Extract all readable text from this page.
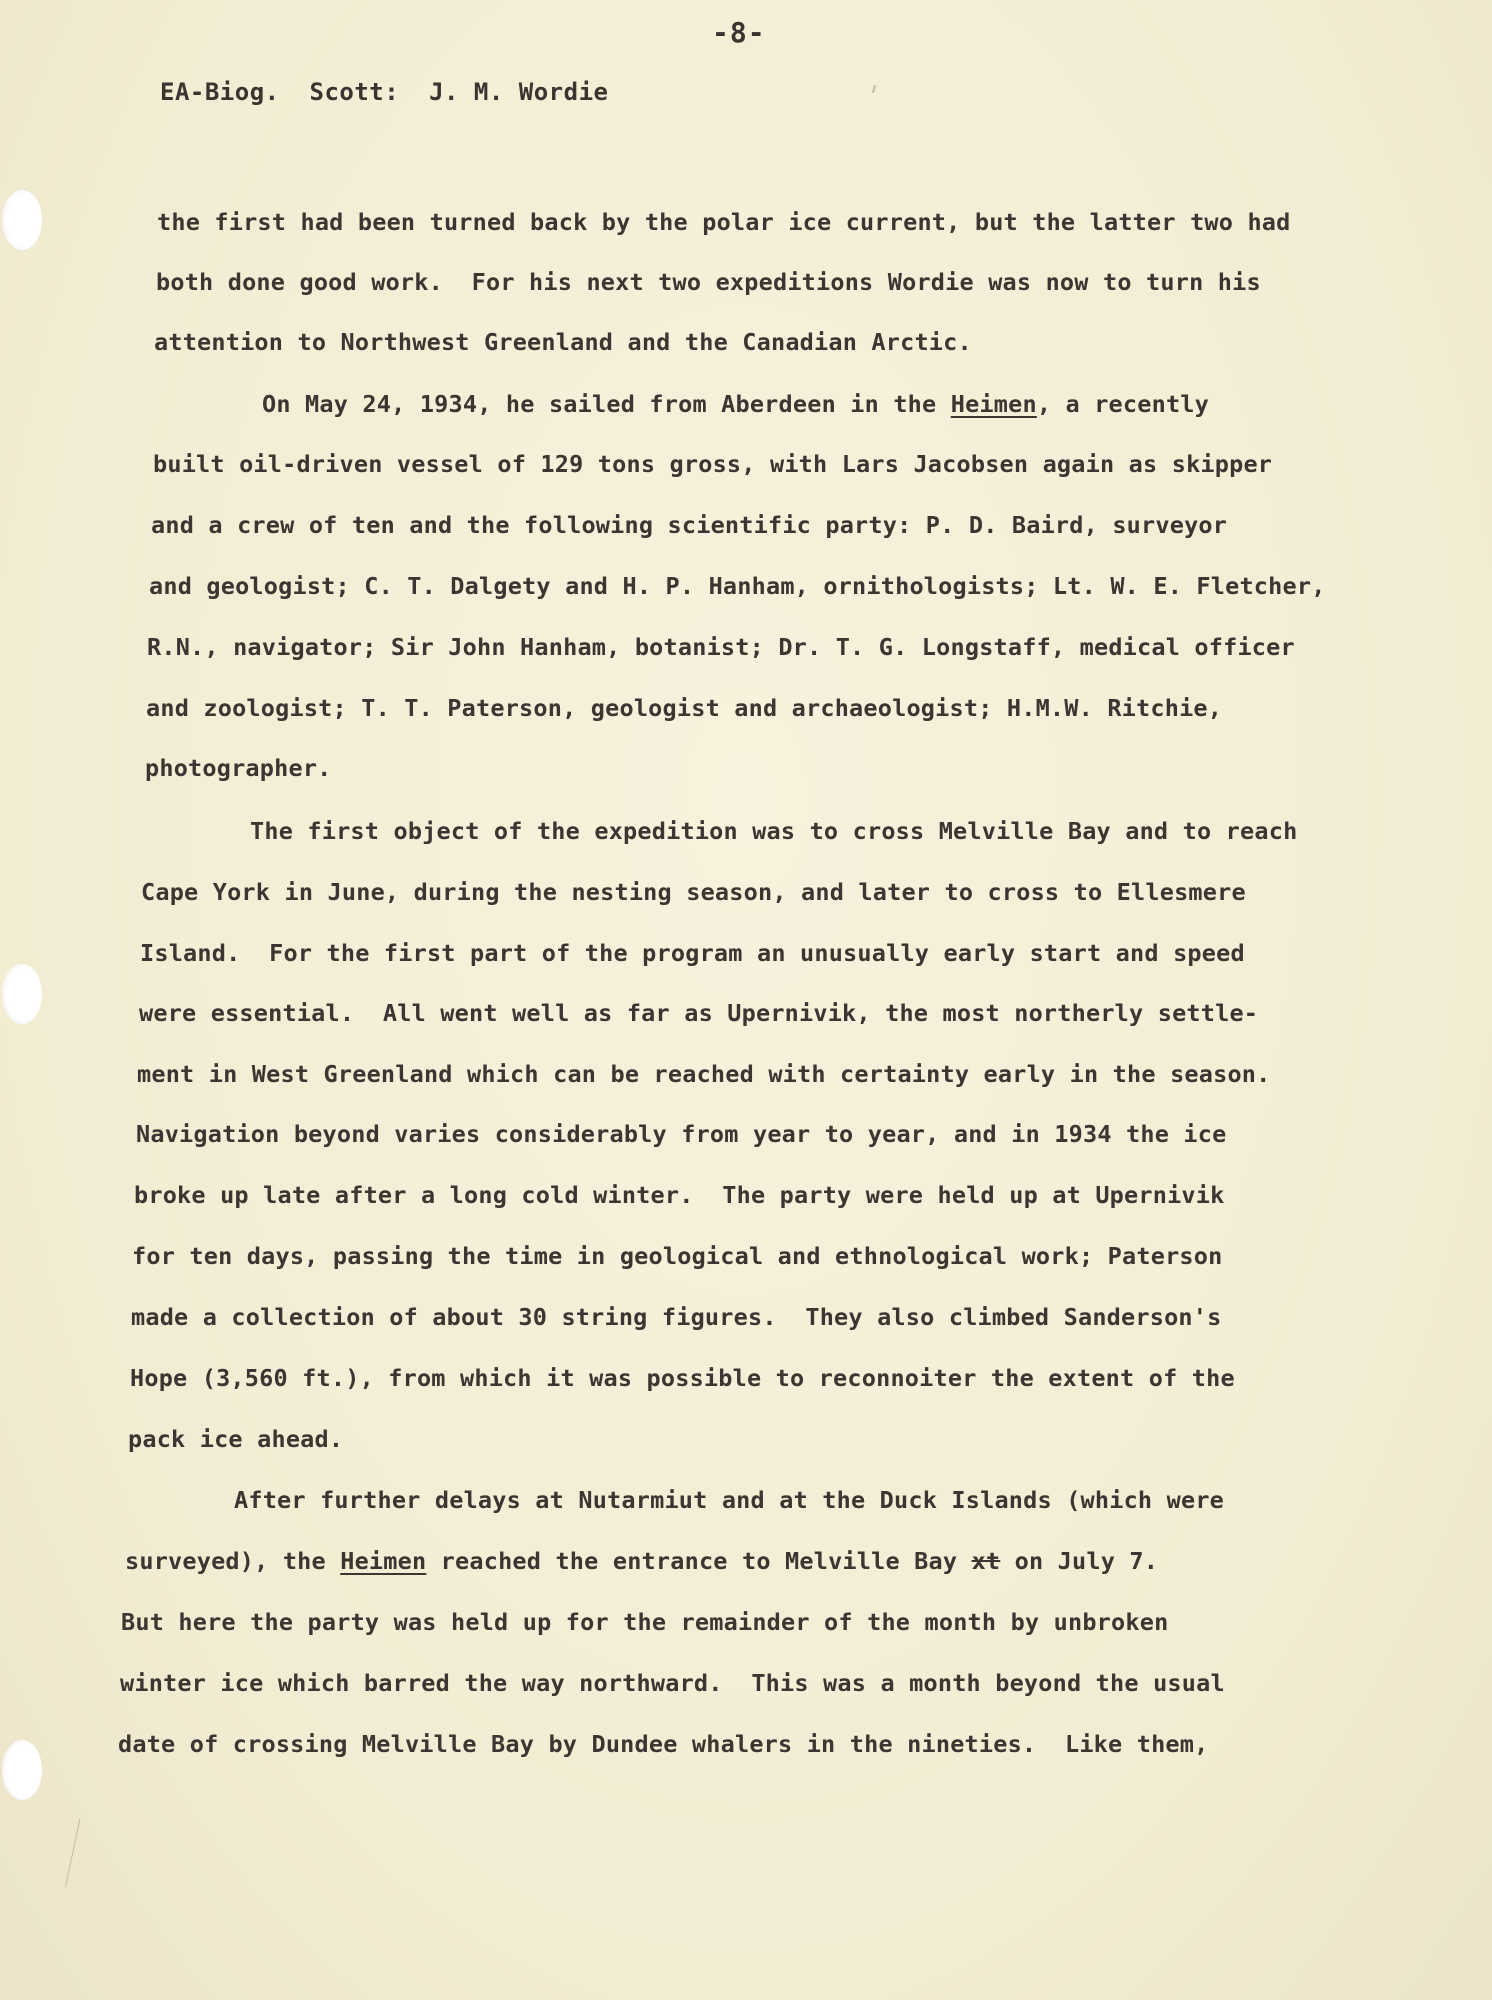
-8-
EA-Biog.  Scott:  J. M. Wordie
the first had been turned back by the polar ice current, but the latter two had
both done good work.  For his next two expeditions Wordie was now to turn his
attention to Northwest Greenland and the Canadian Arctic.
On May 24, 1934, he sailed from Aberdeen in the Heimen, a recently
built oil-driven vessel of 129 tons gross, with Lars Jacobsen again as skipper
and a crew of ten and the following scientific party: P. D. Baird, surveyor
and geologist; C. T. Dalgety and H. P. Hanham, ornithologists; Lt. W. E. Fletcher,
R.N., navigator; Sir John Hanham, botanist; Dr. T. G. Longstaff, medical officer
and zoologist; T. T. Paterson, geologist and archaeologist; H.M.W. Ritchie,
photographer.
The first object of the expedition was to cross Melville Bay and to reach
Cape York in June, during the nesting season, and later to cross to Ellesmere
Island.  For the first part of the program an unusually early start and speed
were essential.  All went well as far as Upernivik, the most northerly settle-
ment in West Greenland which can be reached with certainty early in the season.
Navigation beyond varies considerably from year to year, and in 1934 the ice
broke up late after a long cold winter.  The party were held up at Upernivik
for ten days, passing the time in geological and ethnological work; Paterson
made a collection of about 30 string figures.  They also climbed Sanderson's
Hope (3,560 ft.), from which it was possible to reconnoiter the extent of the
pack ice ahead.
After further delays at Nutarmiut and at the Duck Islands (which were
surveyed), the Heimen reached the entrance to Melville Bay xt on July 7.
But here the party was held up for the remainder of the month by unbroken
winter ice which barred the way northward.  This was a month beyond the usual
date of crossing Melville Bay by Dundee whalers in the nineties.  Like them,
